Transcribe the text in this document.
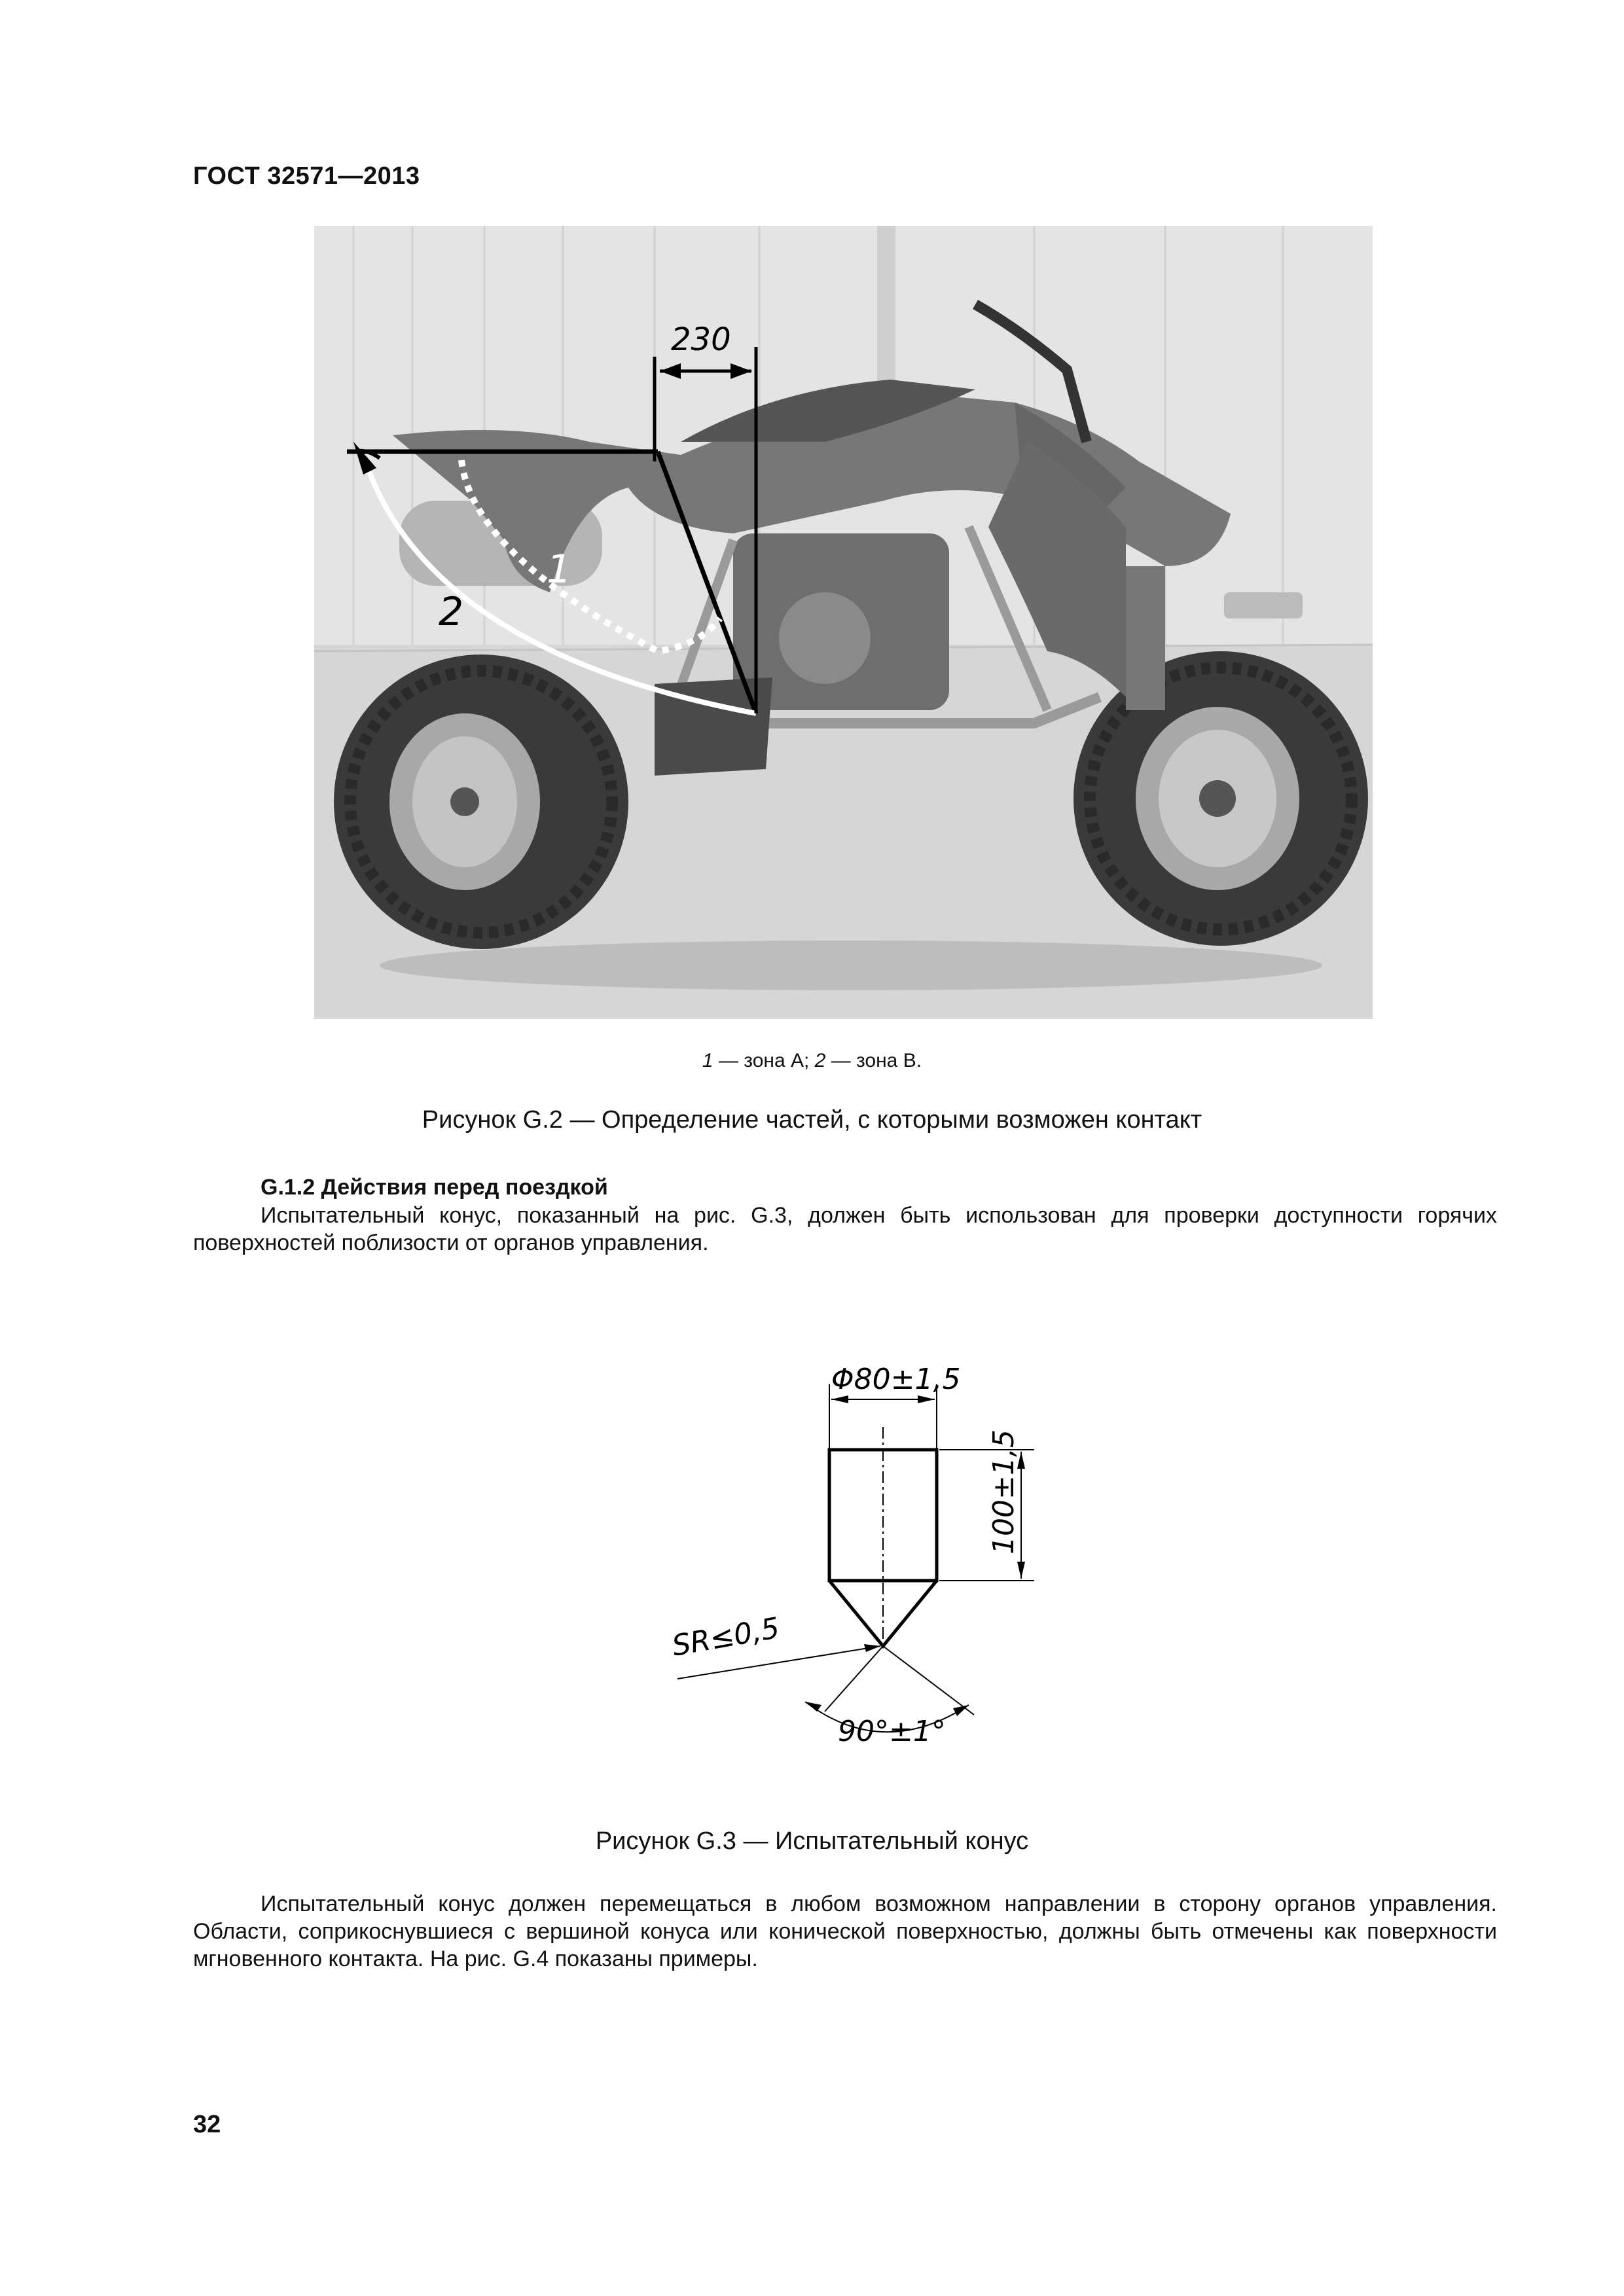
ГОСТ 32571—2013
230
1
2
1 — зона А; 2 — зона В.
Рисунок G.2 — Определение частей, с которыми возможен контакт
G.1.2 Действия перед поездкой
Испытательный конус, показанный на рис. G.3, должен быть использован для проверки доступности горячих поверхностей поблизости от органов управления.
Φ80±1,5
100±1,5
SR≤0,5
90°±1°
Рисунок G.3 — Испытательный конус
Испытательный конус должен перемещаться в любом возможном направлении в сторону органов управления. Области, соприкоснувшиеся с вершиной конуса или конической поверхностью, должны быть отмечены как поверхности мгновенного контакта. На рис. G.4 показаны примеры.
32
